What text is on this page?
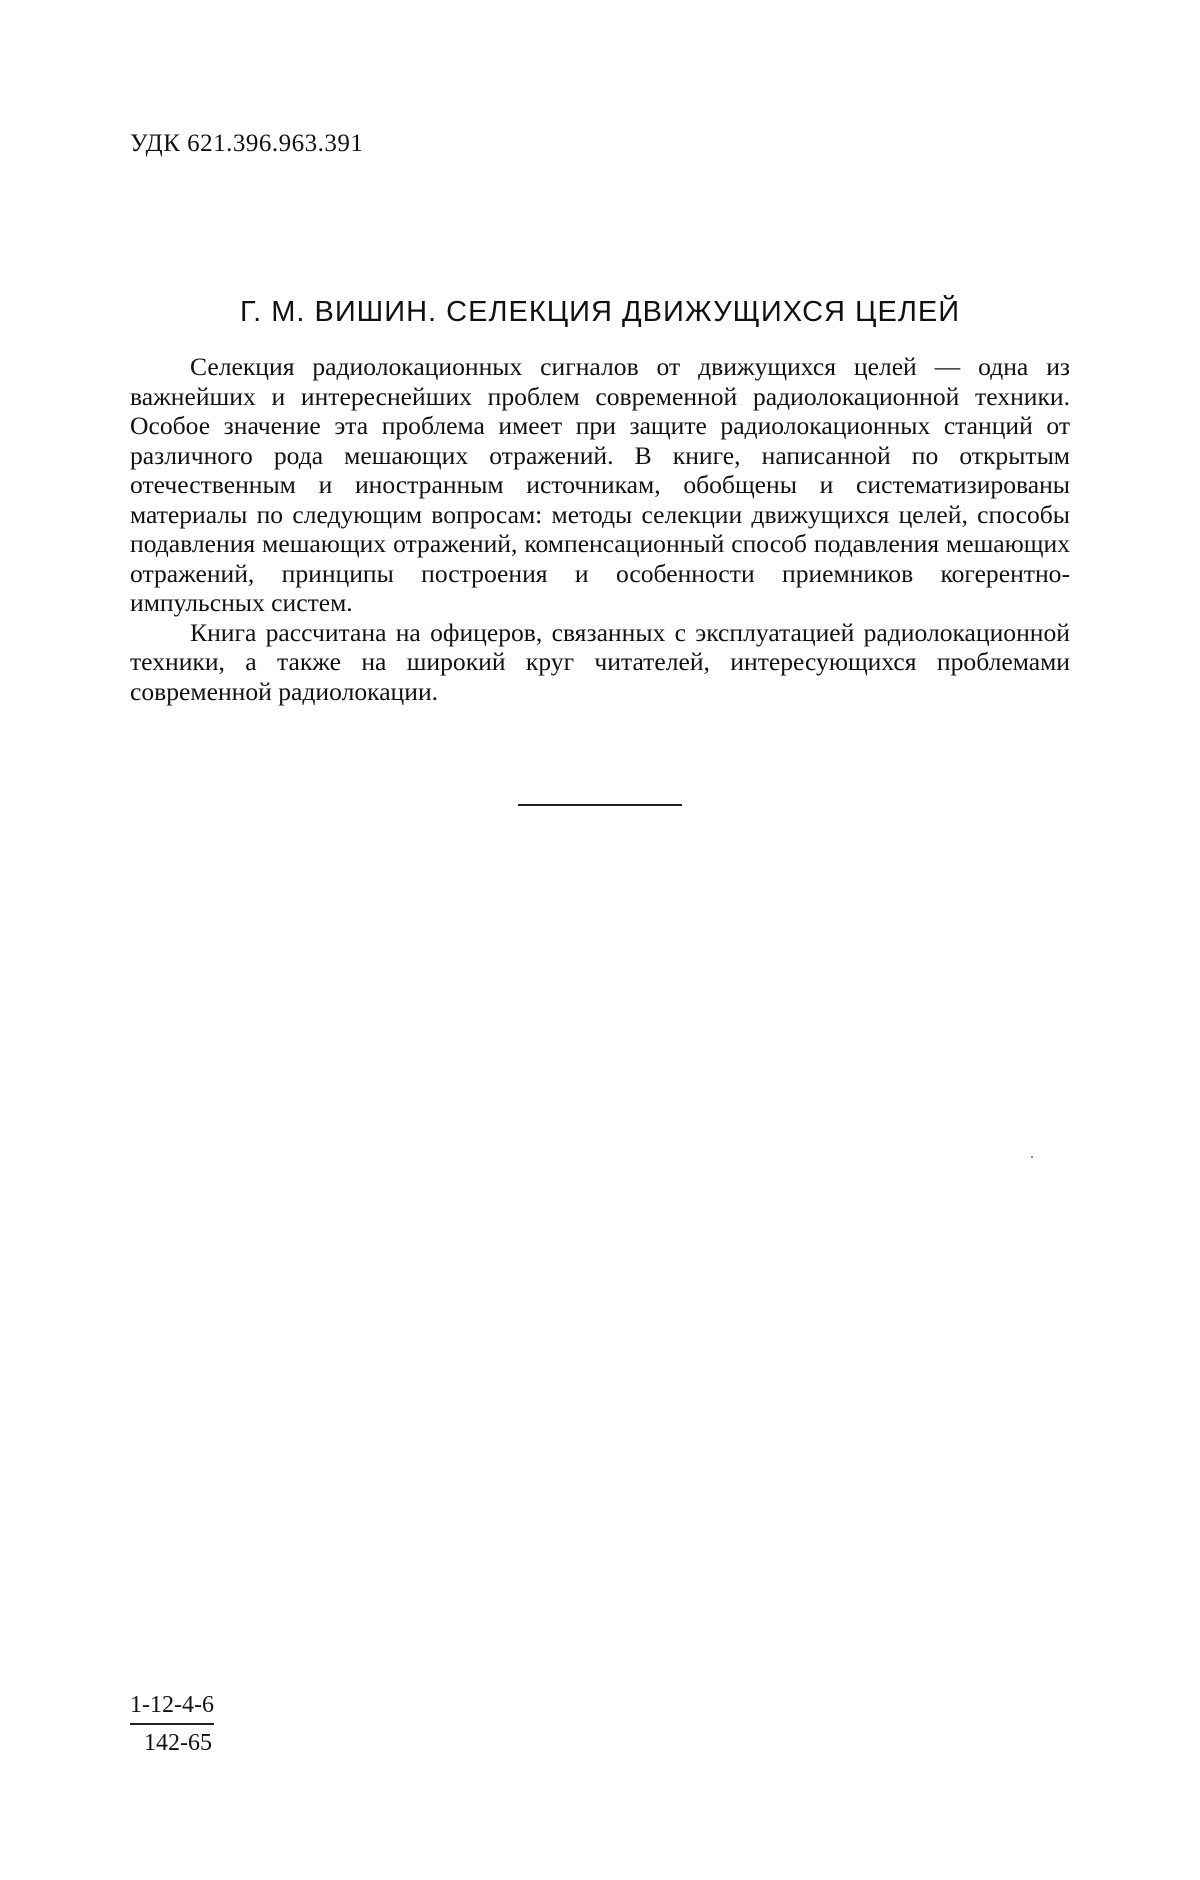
УДК 621.396.963.391
Г. М. ВИШИН. СЕЛЕКЦИЯ ДВИЖУЩИХСЯ ЦЕЛЕЙ

Селекция радиолокационных сигналов от движущихся целей — одна из важнейших и интереснейших проблем современной радиолокационной техники. Особое значение эта проблема имеет при защите радиолокационных станций от различного рода мешающих отражений. В книге, написанной по открытым отечественным и иностранным источникам, обобщены и систематизированы материалы по следующим вопросам: методы селекции движущихся целей, способы подавления мешающих отражений, компенсационный способ подавления мешающих отражений, принципы построения и особенности приемников когерентно-импульсных систем.

Книга рассчитана на офицеров, связанных с эксплуатацией радиолокационной техники, а также на широкий круг читателей, интересующихся проблемами современной радиолокации.

$\frac{1-12-4-6}{142-65}$
